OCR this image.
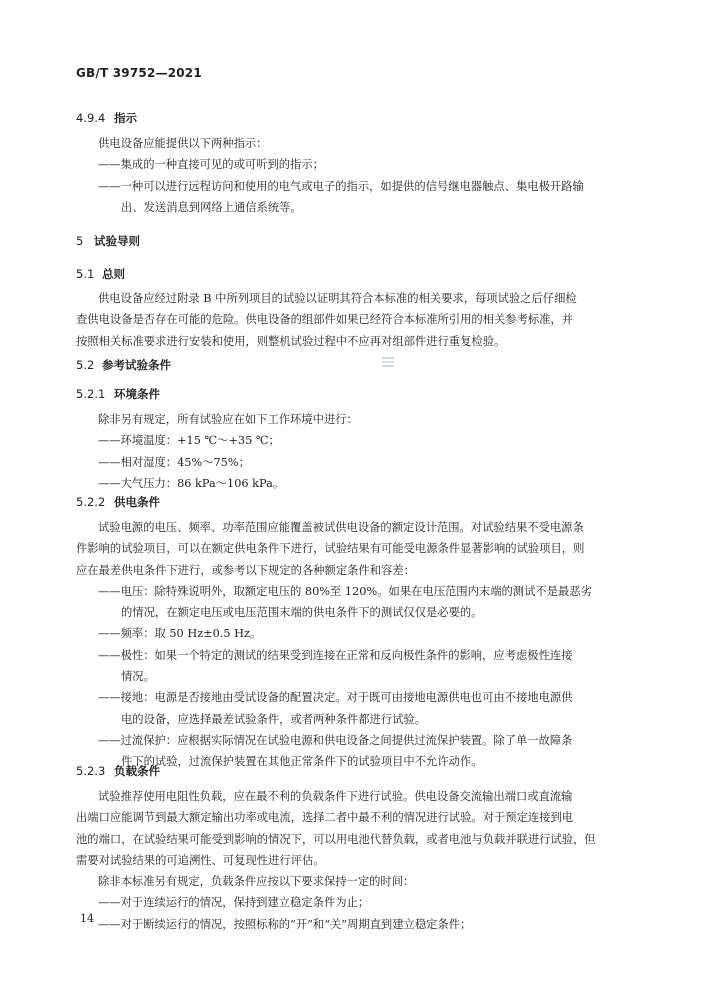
GB/T 39752—2021
4.9.4 指示
供电设备应能提供以下两种指示：
——集成的一种直接可见的或可听到的指示；
——一种可以进行远程访问和使用的电气或电子的指示，如提供的信号继电器触点、集电极开路输
出、发送消息到网络上通信系统等。
5 试验导则
5.1 总则
供电设备应经过附录 B 中所列项目的试验以证明其符合本标准的相关要求，每项试验之后仔细检
查供电设备是否存在可能的危险。供电设备的组部件如果已经符合本标准所引用的相关参考标准，并
按照相关标准要求进行安装和使用，则整机试验过程中不应再对组部件进行重复检验。
5.2 参考试验条件
5.2.1 环境条件
除非另有规定，所有试验应在如下工作环境中进行：
——环境温度：+15 ℃～+35 ℃；
——相对湿度：45%～75%；
——大气压力：86 kPa～106 kPa。
5.2.2 供电条件
试验电源的电压、频率、功率范围应能覆盖被试供电设备的额定设计范围。对试验结果不受电源条
件影响的试验项目，可以在额定供电条件下进行，试验结果有可能受电源条件显著影响的试验项目，则
应在最差供电条件下进行，或参考以下规定的各种额定条件和容差：
——电压：除特殊说明外，取额定电压的 80%至 120%。如果在电压范围内末端的测试不是最恶劣
的情况，在额定电压或电压范围末端的供电条件下的测试仅仅是必要的。
——频率：取 50 Hz±0.5 Hz。
——极性：如果一个特定的测试的结果受到连接在正常和反向极性条件的影响，应考虑极性连接
情况。
——接地：电源是否接地由受试设备的配置决定。对于既可由接地电源供电也可由不接地电源供
电的设备，应选择最差试验条件，或者两种条件都进行试验。
——过流保护：应根据实际情况在试验电源和供电设备之间提供过流保护装置。除了单一故障条
件下的试验，过流保护装置在其他正常条件下的试验项目中不允许动作。
5.2.3 负载条件
试验推荐使用电阻性负载，应在最不利的负载条件下进行试验。供电设备交流输出端口或直流输
出端口应能调节到最大额定输出功率或电流，选择二者中最不利的情况进行试验。对于预定连接到电
池的端口，在试验结果可能受到影响的情况下，可以用电池代替负载，或者电池与负载并联进行试验，但
需要对试验结果的可追溯性、可复现性进行评估。
除非本标准另有规定，负载条件应按以下要求保持一定的时间：
——对于连续运行的情况，保持到建立稳定条件为止；
——对于断续运行的情况，按照标称的“开”和“关”周期直到建立稳定条件；
14
